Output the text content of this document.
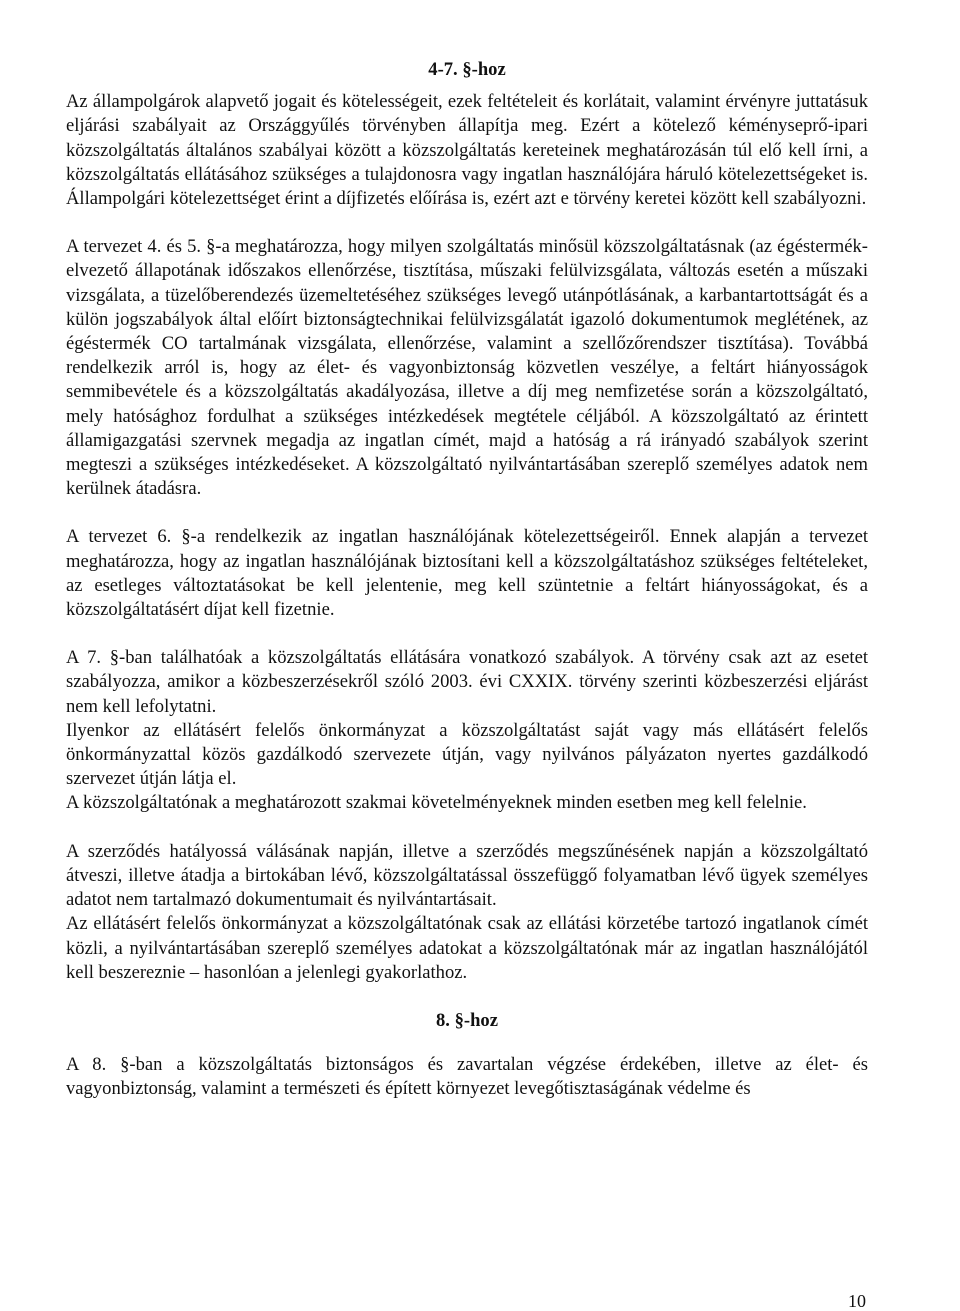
4-7. §-hoz

Az állampolgárok alapvető jogait és kötelességeit, ezek feltételeit és korlátait, valamint érvényre juttatásuk eljárási szabályait az Országgyűlés törvényben állapítja meg. Ezért a kötelező kéményseprő-ipari közszolgáltatás általános szabályai között a közszolgáltatás kereteinek meghatározásán túl elő kell írni, a közszolgáltatás ellátásához szükséges a tulajdonosra vagy ingatlan használójára háruló kötelezettségeket is. Állampolgári kötelezettséget érint a díjfizetés előírása is, ezért azt e törvény keretei között kell szabályozni.

A tervezet 4. és 5. §-a meghatározza, hogy milyen szolgáltatás minősül közszolgáltatásnak (az égéstermék-elvezető állapotának időszakos ellenőrzése, tisztítása, műszaki felülvizsgálata, változás esetén a műszaki vizsgálata, a tüzelőberendezés üzemeltetéséhez szükséges levegő utánpótlásának, a karbantartottságát és a külön jogszabályok által előírt biztonságtechnikai felülvizsgálatát igazoló dokumentumok meglétének, az égéstermék CO tartalmának vizsgálata, ellenőrzése, valamint a szellőzőrendszer tisztítása). Továbbá rendelkezik arról is, hogy az élet- és vagyonbiztonság közvetlen veszélye, a feltárt hiányosságok semmibevétele és a közszolgáltatás akadályozása, illetve a díj meg nemfizetése során a közszolgáltató, mely hatósághoz fordulhat a szükséges intézkedések megtétele céljából. A közszolgáltató az érintett államigazgatási szervnek megadja az ingatlan címét, majd a hatóság a rá irányadó szabályok szerint megteszi a szükséges intézkedéseket. A közszolgáltató nyilvántartásában szereplő személyes adatok nem kerülnek átadásra.

A tervezet 6. §-a rendelkezik az ingatlan használójának kötelezettségeiről. Ennek alapján a tervezet meghatározza, hogy az ingatlan használójának biztosítani kell a közszolgáltatáshoz szükséges feltételeket, az esetleges változtatásokat be kell jelentenie, meg kell szüntetnie a feltárt hiányosságokat, és a közszolgáltatásért díjat kell fizetnie.

A 7. §-ban találhatóak a közszolgáltatás ellátására vonatkozó szabályok. A törvény csak azt az esetet szabályozza, amikor a közbeszerzésekről szóló 2003. évi CXXIX. törvény szerinti közbeszerzési eljárást nem kell lefolytatni.

Ilyenkor az ellátásért felelős önkormányzat a közszolgáltatást saját vagy más ellátásért felelős önkormányzattal közös gazdálkodó szervezete útján, vagy nyilvános pályázaton nyertes gazdálkodó szervezet útján látja el.

A közszolgáltatónak a meghatározott szakmai követelményeknek minden esetben meg kell felelnie.

A szerződés hatályossá válásának napján, illetve a szerződés megszűnésének napján a közszolgáltató átveszi, illetve átadja a birtokában lévő, közszolgáltatással összefüggő folyamatban lévő ügyek személyes adatot nem tartalmazó dokumentumait és nyilvántartásait.

Az ellátásért felelős önkormányzat a közszolgáltatónak csak az ellátási körzetébe tartozó ingatlanok címét közli, a nyilvántartásában szereplő személyes adatokat a közszolgáltatónak már az ingatlan használójától kell beszereznie – hasonlóan a jelenlegi gyakorlathoz.

8. §-hoz

A 8. §-ban a közszolgáltatás biztonságos és zavartalan végzése érdekében, illetve az élet- és vagyonbiztonság, valamint a természeti és épített környezet levegőtisztaságának védelme és

10
